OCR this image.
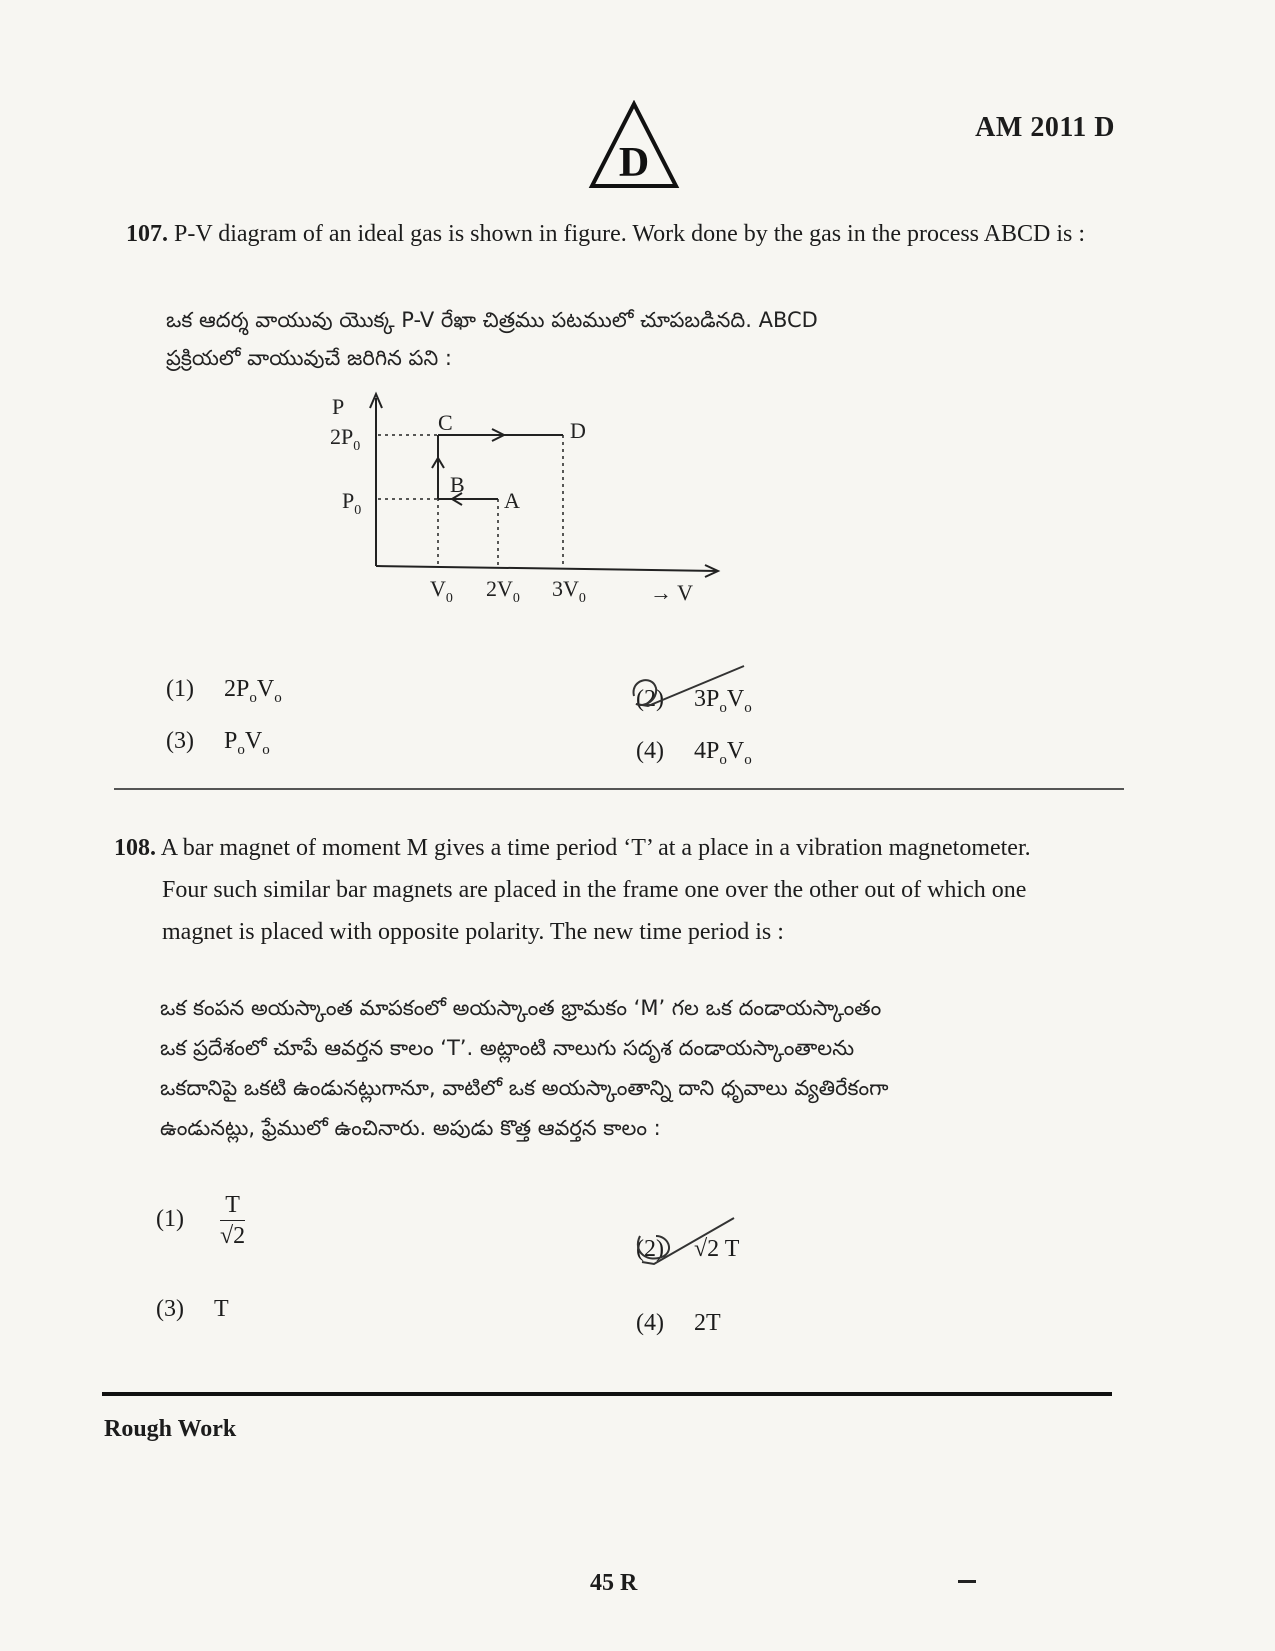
AM 2011 D
D
107. P-V diagram of an ideal gas is shown in figure. Work done by the gas in the process ABCD is :
ఒక ఆదర్శ వాయువు యొక్క P-V రేఖా చిత్రము పటములో చూపబడినది. ABCD
ప్రక్రియలో వాయువుచే జరిగిన పని :
P
$2P_0$
$P_0$
$V_0$ $2V_0$ $3V_0$	→ V
A
B
C	D
(1) $2P_oV_o$	(2) $3P_oV_o$
(3) $P_oV_o$	(4) $4P_oV_o$
108. A bar magnet of moment M gives a time period ‘T’ at a place in a vibration magnetometer.
Four such similar bar magnets are placed in the frame one over the other out of which one
magnet is placed with opposite polarity. The new time period is :
ఒక కంపన అయస్కాంత మాపకంలో అయస్కాంత భ్రామకం ‘M’ గల ఒక దండాయస్కాంతం
ఒక ప్రదేశంలో చూపే ఆవర్తన కాలం ‘T’. అట్లాంటి నాలుగు సదృశ దండాయస్కాంతాలను
ఒకదానిపై ఒకటి ఉండునట్లుగానూ, వాటిలో ఒక అయస్కాంతాన్ని దాని ధృవాలు వ్యతిరేకంగా
ఉండునట్లు, ఫ్రేములో ఉంచినారు. అపుడు కొత్త ఆవర్తన కాలం :
$(1) \frac{T}{√2}$	(2) √2 T
(3) T
(4) 2T
Rough Work
45 R
